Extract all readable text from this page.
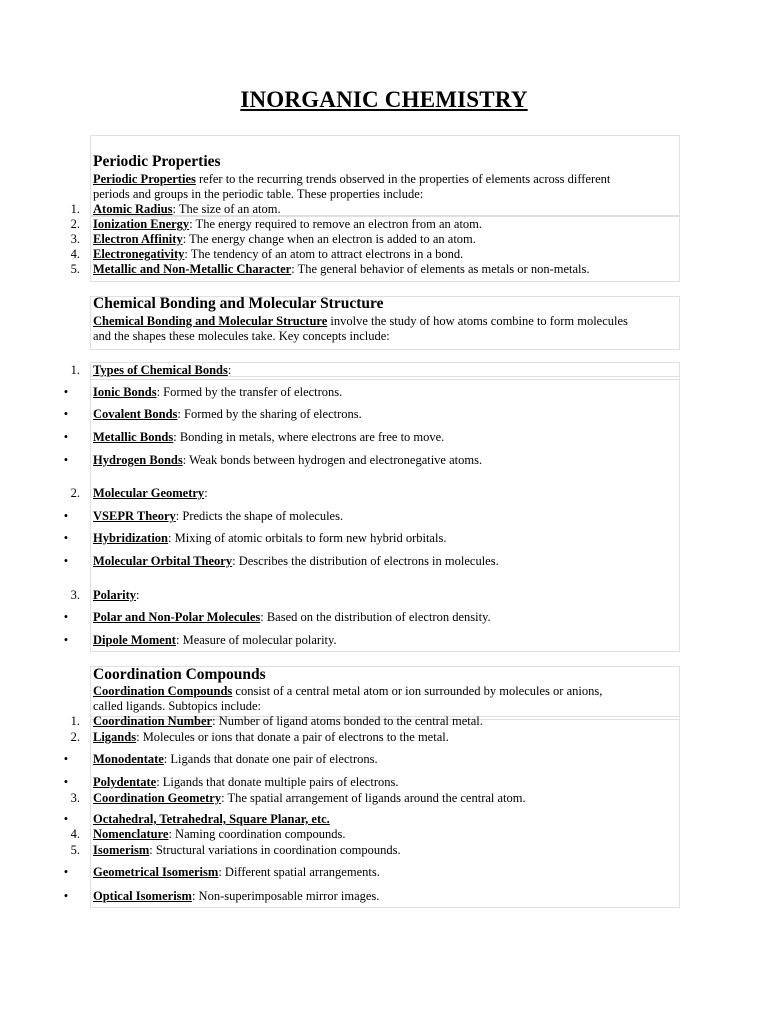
INORGANIC CHEMISTRY
Periodic Properties
Periodic Properties refer to the recurring trends observed in the properties of elements across different
periods and groups in the periodic table. These properties include:
1. Atomic Radius: The size of an atom.
2. Ionization Energy: The energy required to remove an electron from an atom.
3. Electron Affinity: The energy change when an electron is added to an atom.
4. Electronegativity: The tendency of an atom to attract electrons in a bond.
5. Metallic and Non-Metallic Character: The general behavior of elements as metals or non-metals.
Chemical Bonding and Molecular Structure
Chemical Bonding and Molecular Structure involve the study of how atoms combine to form molecules
and the shapes these molecules take. Key concepts include:
1. Types of Chemical Bonds:
•	Ionic Bonds: Formed by the transfer of electrons.
•	Covalent Bonds: Formed by the sharing of electrons.
•	Metallic Bonds: Bonding in metals, where electrons are free to move.
•	Hydrogen Bonds: Weak bonds between hydrogen and electronegative atoms.
2. Molecular Geometry:
•	VSEPR Theory: Predicts the shape of molecules.
•	Hybridization: Mixing of atomic orbitals to form new hybrid orbitals.
•	Molecular Orbital Theory: Describes the distribution of electrons in molecules.
3. Polarity:
•	Polar and Non-Polar Molecules: Based on the distribution of electron density.
•	Dipole Moment: Measure of molecular polarity.
Coordination Compounds
Coordination Compounds consist of a central metal atom or ion surrounded by molecules or anions,
called ligands. Subtopics include:
1. Coordination Number: Number of ligand atoms bonded to the central metal.
2. Ligands: Molecules or ions that donate a pair of electrons to the metal.
•	Monodentate: Ligands that donate one pair of electrons.
•	Polydentate: Ligands that donate multiple pairs of electrons.
3. Coordination Geometry: The spatial arrangement of ligands around the central atom.
•	Octahedral, Tetrahedral, Square Planar, etc.
4. Nomenclature: Naming coordination compounds.
5. Isomerism: Structural variations in coordination compounds.
•	Geometrical Isomerism: Different spatial arrangements.
•	Optical Isomerism: Non-superimposable mirror images.
